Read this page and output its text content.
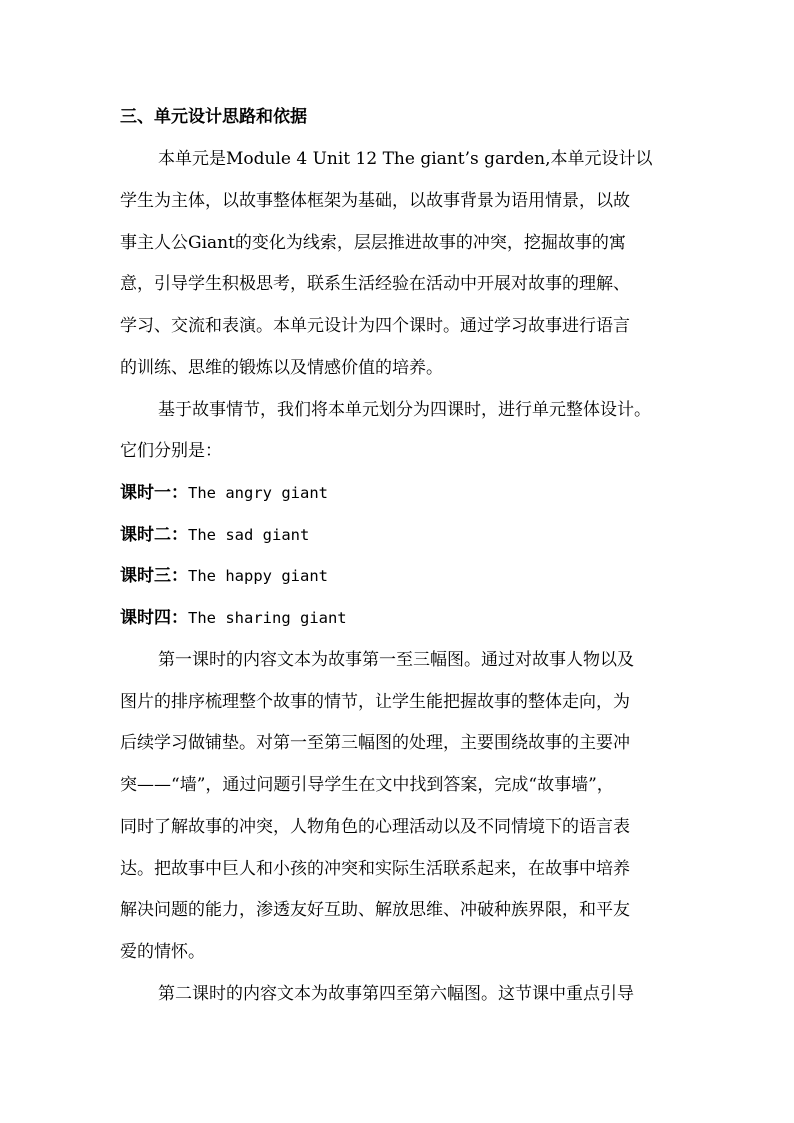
三、单元设计思路和依据
本单元是Module 4 Unit 12 The giant’s garden,本单元设计以
学生为主体，以故事整体框架为基础，以故事背景为语用情景，以故
事主人公Giant的变化为线索，层层推进故事的冲突，挖掘故事的寓
意，引导学生积极思考，联系生活经验在活动中开展对故事的理解、
学习、交流和表演。本单元设计为四个课时。通过学习故事进行语言
的训练、思维的锻炼以及情感价值的培养。
基于故事情节，我们将本单元划分为四课时，进行单元整体设计。
它们分别是：
课时一：The angry giant
课时二：The sad giant
课时三：The happy giant
课时四：The sharing giant
第一课时的内容文本为故事第一至三幅图。通过对故事人物以及
图片的排序梳理整个故事的情节，让学生能把握故事的整体走向，为
后续学习做铺垫。对第一至第三幅图的处理，主要围绕故事的主要冲
突——“墙”，通过问题引导学生在文中找到答案，完成“故事墙”，
同时了解故事的冲突，人物角色的心理活动以及不同情境下的语言表
达。把故事中巨人和小孩的冲突和实际生活联系起来，在故事中培养
解决问题的能力，渗透友好互助、解放思维、冲破种族界限，和平友
爱的情怀。
第二课时的内容文本为故事第四至第六幅图。这节课中重点引导
